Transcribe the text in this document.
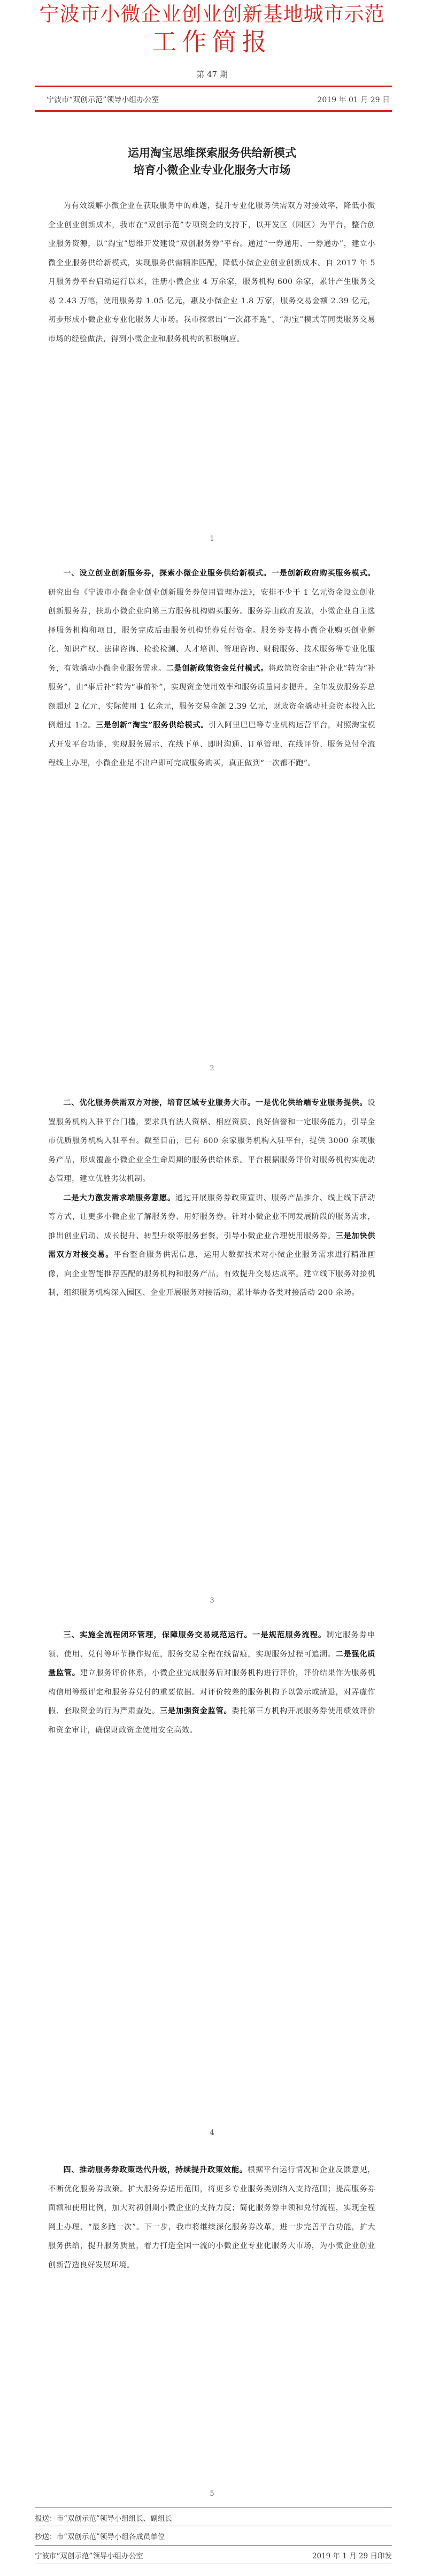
宁波市小微企业创业创新基地城市示范
工作简报
第 47 期
宁波市“双创示范”领导小组办公室	2019 年 01 月 29 日
运用淘宝思维探索服务供给新模式
培育小微企业专业化服务大市场

为有效缓解小微企业在获取服务中的难题，提升专业化服务供需双方对接效率，降低小微企业创业创新成本，我市在“双创示范”专项资金的支持下，以开发区（园区）为平台，整合创业服务资源，以“淘宝”思维开发建设“双创服务券”平台。通过“一券通用、一券通办”，建立小微企业服务供给新模式，实现服务供需精准匹配，降低小微企业创业创新成本。自 2017 年 5 月服务券平台启动运行以来，注册小微企业 4 万余家，服务机构 600 余家，累计产生服务交易 2.43 万笔，使用服务券 1.05 亿元，惠及小微企业 1.8 万家，服务交易金额 2.39 亿元，初步形成小微企业专业化服务大市场。我市探索出“一次都不跑”、“淘宝”模式等同类服务交易市场的经验做法，得到小微企业和服务机构的积极响应。

1

一、设立创业创新服务券，探索小微企业服务供给新模式。一是创新政府购买服务模式。研究出台《宁波市小微企业创业创新服务券使用管理办法》，安排不少于 1 亿元资金设立创业创新服务券，扶助小微企业向第三方服务机构购买服务。服务券由政府发放，小微企业自主选择服务机构和项目，服务完成后由服务机构凭券兑付资金。服务券支持小微企业购买创业孵化、知识产权、法律咨询、检验检测、人才培训、管理咨询、财税服务、技术服务等专业化服务，有效撬动小微企业服务需求。二是创新政策资金兑付模式。将政策资金由“补企业”转为“补服务”，由“事后补”转为“事前补”，实现资金使用效率和服务质量同步提升。全年发放服务券总额超过 2 亿元，实际使用 1 亿余元，服务交易金额 2.39 亿元，财政资金撬动社会资本投入比例超过 1:2。三是创新“淘宝”服务供给模式。引入阿里巴巴等专业机构运营平台，对照淘宝模式开发平台功能，实现服务展示、在线下单、即时沟通、订单管理、在线评价、服务兑付全流程线上办理，小微企业足不出户即可完成服务购买，真正做到“一次都不跑”。

2

二、优化服务供需双方对接，培育区域专业服务大市。一是优化供给端专业服务提供。设置服务机构入驻平台门槛，要求具有法人资格、相应资质、良好信誉和一定服务能力，引导全市优质服务机构入驻平台。截至目前，已有 600 余家服务机构入驻平台，提供 3000 余项服务产品，形成覆盖小微企业全生命周期的服务供给体系。平台根据服务评价对服务机构实施动态管理，建立优胜劣汰机制。

二是大力激发需求端服务意愿。通过开展服务券政策宣讲、服务产品推介、线上线下活动等方式，让更多小微企业了解服务券、用好服务券。针对小微企业不同发展阶段的服务需求，推出创业启动、成长提升、转型升级等服务套餐，引导小微企业合理使用服务券。三是加快供需双方对接交易。平台整合服务供需信息，运用大数据技术对小微企业服务需求进行精准画像，向企业智能推荐匹配的服务机构和服务产品，有效提升交易达成率。建立线下服务对接机制，组织服务机构深入园区、企业开展服务对接活动，累计举办各类对接活动 200 余场。

3

三、实施全流程闭环管理，保障服务交易规范运行。一是规范服务流程。制定服务券申领、使用、兑付等环节操作规范，服务交易全程在线留痕，实现服务过程可追溯。二是强化质量监管。建立服务评价体系，小微企业完成服务后对服务机构进行评价，评价结果作为服务机构信用等级评定和服务券兑付的重要依据。对评价较差的服务机构予以警示或清退，对弄虚作假、套取资金的行为严肃查处。三是加强资金监管。委托第三方机构开展服务券使用绩效评价和资金审计，确保财政资金使用安全高效。

4

四、推动服务券政策迭代升级，持续提升政策效能。根据平台运行情况和企业反馈意见，不断优化服务券政策。扩大服务券适用范围，将更多专业服务类别纳入支持范围；提高服务券面额和使用比例，加大对初创期小微企业的支持力度；简化服务券申领和兑付流程，实现全程网上办理、“最多跑一次”。下一步，我市将继续深化服务券改革，进一步完善平台功能，扩大服务供给，提升服务质量，着力打造全国一流的小微企业专业化服务大市场，为小微企业创业创新营造良好发展环境。

5
报送：市“双创示范”领导小组组长、副组长
抄送：市“双创示范”领导小组各成员单位
宁波市“双创示范”领导小组办公室	2019 年 1 月 29 日印发
